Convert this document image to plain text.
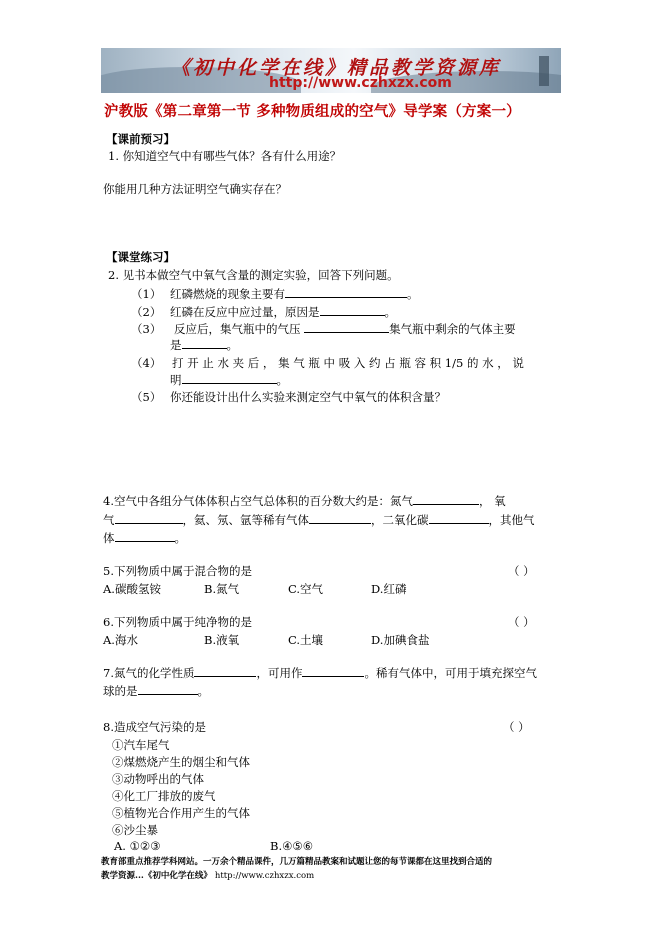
《初中化学在线》精品教学资源库
http://www.czhxzx.com
沪教版《第二章第一节 多种物质组成的空气》导学案（方案一）
【课前预习】
1. 你知道空气中有哪些气体？各有什么用途？
你能用几种方法证明空气确实存在？
【课堂练习】
2. 见书本做空气中氧气含量的测定实验，回答下列问题。
（1） 红磷燃烧的现象主要有	。
（2） 红磷在反应中应过量，原因是	。
（3） 反应后，集气瓶中的气压	集气瓶中剩余的气体主要
是	。
（4） 打 开 止 水 夹 后 ， 集 气 瓶 中 吸 入 约 占 瓶 容 积 1/5 的 水 ， 说
明	。
（5） 你还能设计出什么实验来测定空气中氧气的体积含量？
4.空气中各组分气体体积占空气总体积的百分数大约是：氮气	， 氧
气	，氦、氖、氩等稀有气体	，二氧化碳	，其他气
体	。
5.下列物质中属于混合物的是	（ ）
A.碳酸氢铵	B.氮气	C.空气	D.红磷
6.下列物质中属于纯净物的是	（ ）
A.海水	B.液氧	C.土壤	D.加碘食盐
7.氮气的化学性质	，可用作	。稀有气体中，可用于填充探空气
球的是	。
8.造成空气污染的是	（ ）
①汽车尾气
②煤燃烧产生的烟尘和气体
③动物呼出的气体
④化工厂排放的废气
⑤植物光合作用产生的气体
⑥沙尘暴
A. ①②③	B.④⑤⑥
教育部重点推荐学科网站。一万余个精品课件，几万篇精品教案和试题让您的每节课都在这里找到合适的
教学资源...《初中化学在线》 http://www.czhxzx.com
